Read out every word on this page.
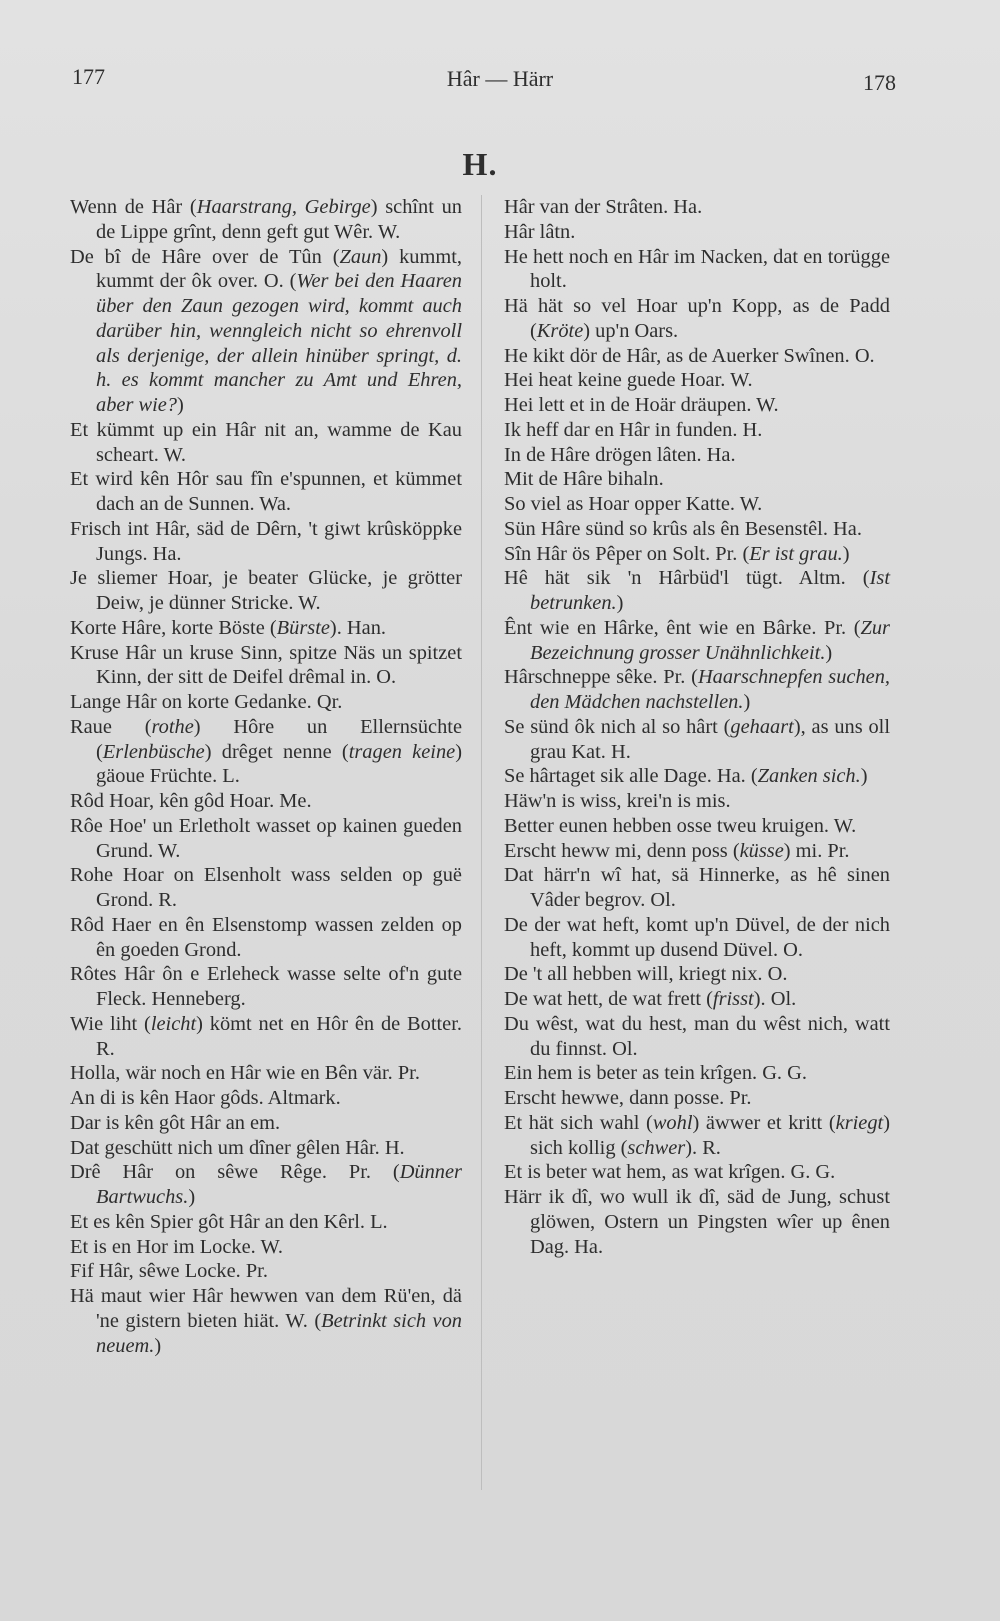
177	Hâr — Härr	178
H.

Wenn de Hâr (Haarstrang, Gebirge) schînt un de Lippe grînt, denn geft gut Wêr. W.

De bî de Hâre over de Tûn (Zaun) kummt, kummt der ôk over. O. (Wer bei den Haaren über den Zaun gezogen wird, kommt auch darüber hin, wenngleich nicht so ehrenvoll als derjenige, der allein hinüber springt, d. h. es kommt mancher zu Amt und Ehren, aber wie?)

Et kümmt up ein Hâr nit an, wamme de Kau scheart. W.

Et wird kên Hôr sau fîn e'spunnen, et kümmet dach an de Sunnen. Wa.

Frisch int Hâr, säd de Dêrn, 't giwt krûsköppke Jungs. Ha.

Je sliemer Hoar, je beater Glücke, je grötter Deiw, je dünner Stricke. W.

Korte Hâre, korte Böste (Bürste). Han.

Kruse Hâr un kruse Sinn, spitze Näs un spitzet Kinn, der sitt de Deifel drêmal in. O.

Lange Hâr on korte Gedanke. Qr.

Raue (rothe) Hôre un Ellernsüchte (Erlenbüsche) drêget nenne (tragen keine) gäoue Früchte. L.

Rôd Hoar, kên gôd Hoar. Me.

Rôe Hoe' un Erletholt wasset op kainen gueden Grund. W.

Rohe Hoar on Elsenholt wass selden op guë Grond. R.

Rôd Haer en ên Elsenstomp wassen zelden op ên goeden Grond.

Rôtes Hâr ôn e Erleheck wasse selte of'n gute Fleck. Henneberg.

Wie liht (leicht) kömt net en Hôr ên de Botter. R.

Holla, wär noch en Hâr wie en Bên vär. Pr.

An di is kên Haor gôds. Altmark.

Dar is kên gôt Hâr an em.

Dat geschütt nich um dîner gêlen Hâr. H.

Drê Hâr on sêwe Rêge. Pr. (Dünner Bartwuchs.)

Et es kên Spier gôt Hâr an den Kêrl. L.

Et is en Hor im Locke. W.

Fif Hâr, sêwe Locke. Pr.

Hä maut wier Hâr hewwen van dem Rü'en, dä 'ne gistern bieten hiät. W. (Betrinkt sich von neuem.)

Hâr van der Strâten. Ha.

Hâr lâtn.

He hett noch en Hâr im Nacken, dat en torügge holt.

Hä hät so vel Hoar up'n Kopp, as de Padd (Kröte) up'n Oars.

He kikt dör de Hâr, as de Auerker Swînen. O.

Hei heat keine guede Hoar. W.

Hei lett et in de Hoär dräupen. W.

Ik heff dar en Hâr in funden. H.

In de Hâre drögen lâten. Ha.

Mit de Hâre bihaln.

So viel as Hoar opper Katte. W.

Sün Hâre sünd so krûs als ên Besenstêl. Ha.

Sîn Hâr ös Pêper on Solt. Pr. (Er ist grau.)

Hê hät sik 'n Hârbüd'l tügt. Altm. (Ist betrunken.)

Ênt wie en Hârke, ênt wie en Bârke. Pr. (Zur Bezeichnung grosser Unähnlichkeit.)

Hârschneppe sêke. Pr. (Haarschnepfen suchen, den Mädchen nachstellen.)

Se sünd ôk nich al so hârt (gehaart), as uns oll grau Kat. H.

Se hârtaget sik alle Dage. Ha. (Zanken sich.)

Häw'n is wiss, krei'n is mis.

Better eunen hebben osse tweu kruigen. W.

Erscht heww mi, denn poss (küsse) mi. Pr.

Dat härr'n wî hat, sä Hinnerke, as hê sinen Vâder begrov. Ol.

De der wat heft, komt up'n Düvel, de der nich heft, kommt up dusend Düvel. O.

De 't all hebben will, kriegt nix. O.

De wat hett, de wat frett (frisst). Ol.

Du wêst, wat du hest, man du wêst nich, watt du finnst. Ol.

Ein hem is beter as tein krîgen. G. G.

Erscht hewwe, dann posse. Pr.

Et hät sich wahl (wohl) äwwer et kritt (kriegt) sich kollig (schwer). R.

Et is beter wat hem, as wat krîgen. G. G.

Härr ik dî, wo wull ik dî, säd de Jung, schust glöwen, Ostern un Pingsten wîer up ênen Dag. Ha.
